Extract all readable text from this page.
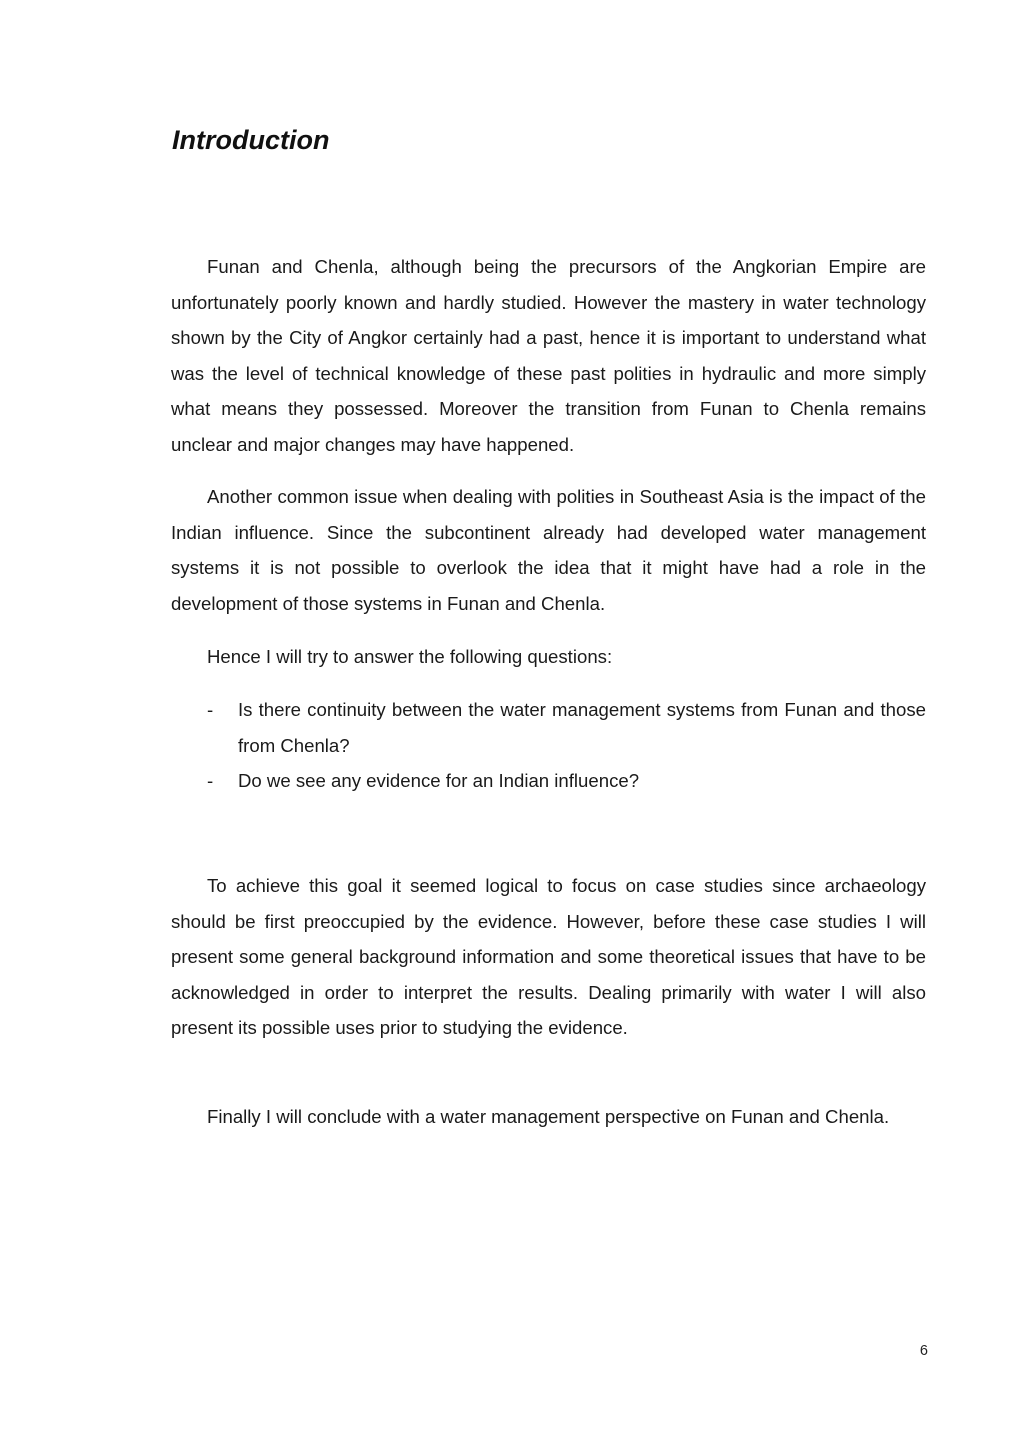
Introduction

Funan and Chenla, although being the precursors of the Angkorian Empire are unfortunately poorly known and hardly studied. However the mastery in water technology shown by the City of Angkor certainly had a past, hence it is important to understand what was the level of technical knowledge of these past polities in hydraulic and more simply what means they possessed. Moreover the transition from Funan to Chenla remains unclear and major changes may have happened.

Another common issue when dealing with polities in Southeast Asia is the impact of the Indian influence. Since the subcontinent already had developed water management systems it is not possible to overlook the idea that it might have had a role in the development of those systems in Funan and Chenla.

Hence I will try to answer the following questions:

- Is there continuity between the water management systems from Funan and those from Chenla?
- Do we see any evidence for an Indian influence?

To achieve this goal it seemed logical to focus on case studies since archaeology should be first preoccupied by the evidence. However, before these case studies I will present some general background information and some theoretical issues that have to be acknowledged in order to interpret the results. Dealing primarily with water I will also present its possible uses prior to studying the evidence.

Finally I will conclude with a water management perspective on Funan and Chenla.

6
